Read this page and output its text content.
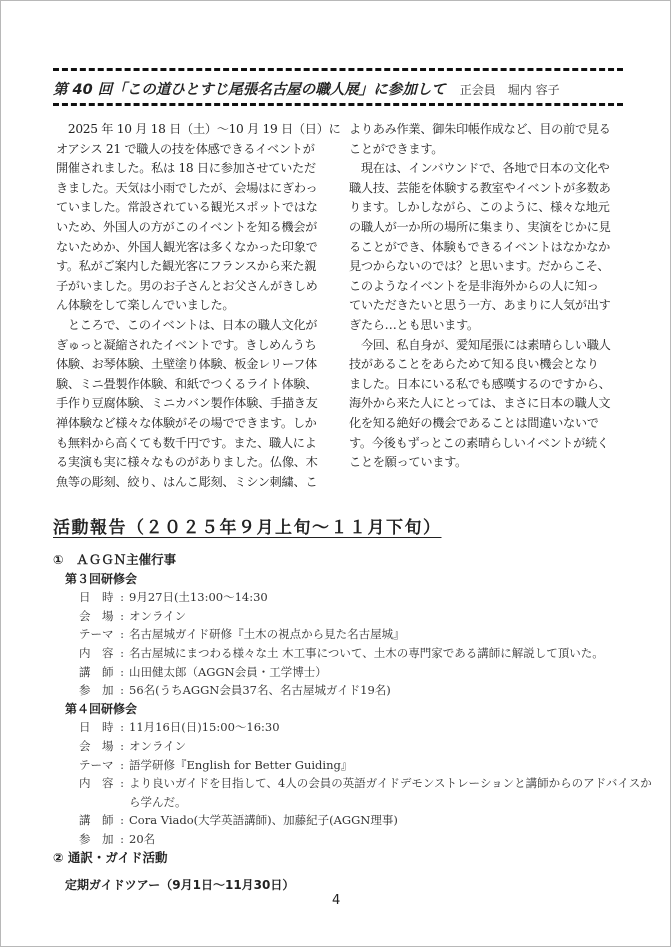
第 40 回「この道ひとすじ尾張名古屋の職人展」に参加して 正会員　堀内 容子
　2025 年 10 月 18 日（土）～10 月 19 日（日）に
オアシス 21 で職人の技を体感できるイベントが
開催されました。私は 18 日に参加させていただ
きました。天気は小雨でしたが、会場はにぎわっ
ていました。常設されている観光スポットではな
いため、外国人の方がこのイベントを知る機会が
ないためか、外国人観光客は多くなかった印象で
す。私がご案内した観光客にフランスから来た親
子がいました。男のお子さんとお父さんがきしめ
ん体験をして楽しんでいました。
　ところで、このイベントは、日本の職人文化が
ぎゅっと凝縮されたイベントです。きしめんうち
体験、お琴体験、土壁塗り体験、板金レリーフ体
験、ミニ畳製作体験、和紙でつくるライト体験、
手作り豆腐体験、ミニカバン製作体験、手描き友
禅体験など様々な体験がその場でできます。しか
も無料から高くても数千円です。また、職人によ
る実演も実に様々なものがありました。仏像、木
魚等の彫刻、絞り、はんこ彫刻、ミシン刺繍、こ
よりあみ作業、御朱印帳作成など、目の前で見る
ことができます。
　現在は、インバウンドで、各地で日本の文化や
職人技、芸能を体験する教室やイベントが多数あ
ります。しかしながら、このように、様々な地元
の職人が一か所の場所に集まり、実演をじかに見
ることができ、体験もできるイベントはなかなか
見つからないのでは？と思います。だからこそ、
このようなイベントを是非海外からの人に知っ
ていただきたいと思う一方、あまりに人気が出す
ぎたら…とも思います。
　今回、私自身が、愛知尾張には素晴らしい職人
技があることをあらためて知る良い機会となり
ました。日本にいる私でも感嘆するのですから、
海外から来た人にとっては、まさに日本の職人文
化を知る絶好の機会であることは間違いないで
す。今後もずっとこの素晴らしいイベントが続く
ことを願っています。
活動報告（２０２５年９月上旬～１１月下旬）
①　ＡＧＧＮ主催行事
第３回研修会
日　時 : 9月27日(土13:00～14:30
会　場 : オンライン
テーマ : 名古屋城ガイド研修『土木の視点から見た名古屋城』
内　容 : 名古屋城にまつわる様々な土 木工事について、土木の専門家である講師に解説して頂いた。
講　師 : 山田健太郎（AGGN会員・工学博士）
参　加 : 56名(うちAGGN会員37名、名古屋城ガイド19名)
第４回研修会
日　時 : 11月16日(日)15:00～16:30
会　場 : オンライン
テーマ : 語学研修『English for Better Guiding』
内　容 : より良いガイドを目指して、4人の会員の英語ガイドデモンストレーションと講師からのアドバイスから学んだ。
講　師 : Cora Viado(大学英語講師)、加藤紀子(AGGN理事)
参　加 : 20名
② 通訳・ガイド活動
定期ガイドツアー（9月1日～11月30日）
4
